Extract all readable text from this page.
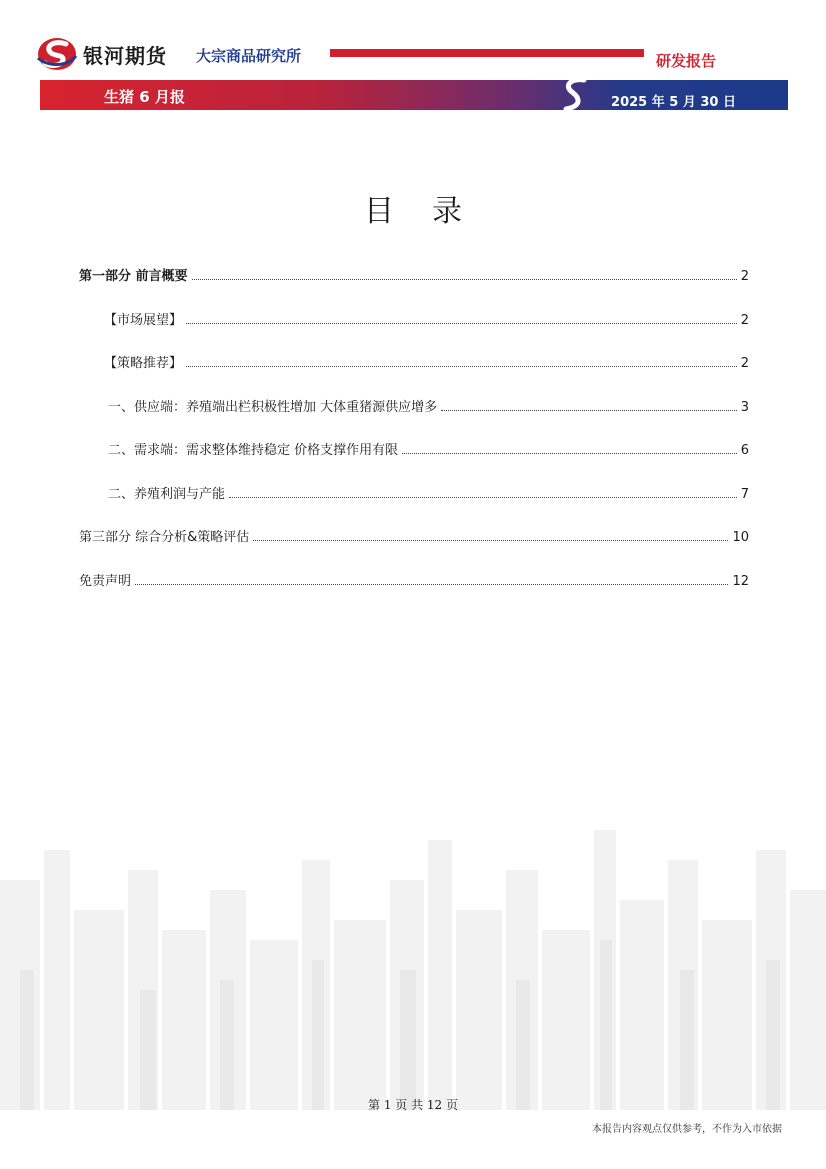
银河期货 大宗商品研究所	研发报告
生猪 6 月报	2025 年 5 月 30 日
目录
第一部分 前言概要	2
【市场展望】	2
【策略推荐】	2
一、供应端：养殖端出栏积极性增加 大体重猪源供应增多	3
二、需求端：需求整体维持稳定 价格支撑作用有限	6
二、养殖利润与产能	7
第三部分 综合分析&策略评估	10
免责声明	12
第 1 页 共 12 页
本报告内容观点仅供参考，不作为入市依据
